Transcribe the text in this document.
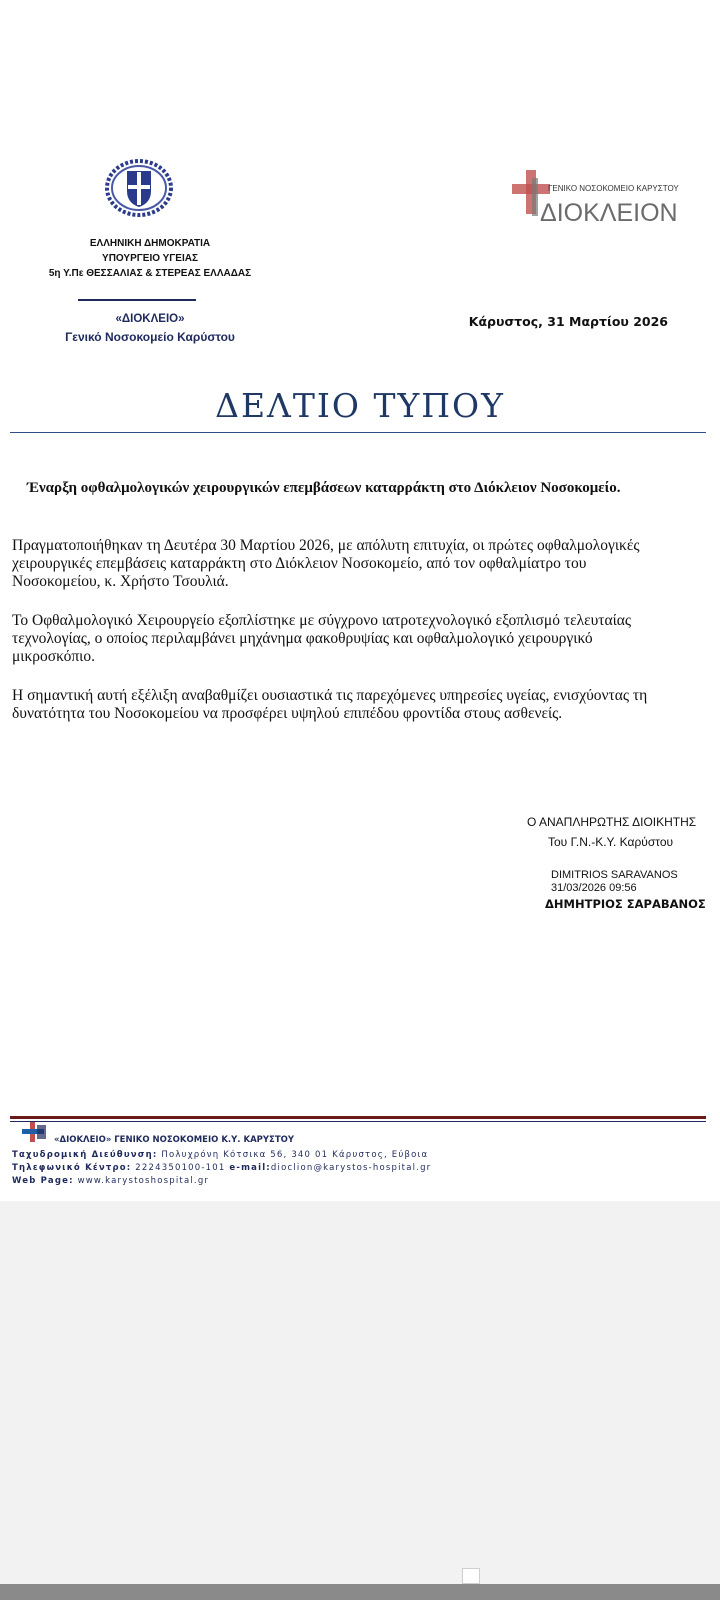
ΕΛΛΗΝΙΚΗ ΔΗΜΟΚΡΑΤΙΑ
ΥΠΟΥΡΓΕΙΟ ΥΓΕΙΑΣ
5η Υ.Πε ΘΕΣΣΑΛΙΑΣ & ΣΤΕΡΕΑΣ ΕΛΛΑΔΑΣ
«ΔΙΟΚΛΕΙΟ»
Γενικό Νοσοκομείο Καρύστου
ΓΕΝΙΚΟ ΝΟΣΟΚΟΜΕΙΟ ΚΑΡΥΣΤΟΥ
ΔΙΟΚΛΕΙΟΝ
Κάρυστος, 31 Μαρτίου 2026
ΔΕΛΤΙΟ ΤΥΠΟΥ
Έναρξη οφθαλμολογικών χειρουργικών επεμβάσεων καταρράκτη στο Διόκλειον Νοσοκομείο.
Πραγματοποιήθηκαν τη Δευτέρα 30 Μαρτίου 2026, με απόλυτη επιτυχία, οι πρώτες οφθαλμολογικές
χειρουργικές επεμβάσεις καταρράκτη στο Διόκλειον Νοσοκομείο, από τον οφθαλμίατρο του
Νοσοκομείου, κ. Χρήστο Τσουλιά.
Το Οφθαλμολογικό Χειρουργείο εξοπλίστηκε με σύγχρονο ιατροτεχνολογικό εξοπλισμό τελευταίας
τεχνολογίας, ο οποίος περιλαμβάνει μηχάνημα φακοθρυψίας και οφθαλμολογικό χειρουργικό
μικροσκόπιο.
Η σημαντική αυτή εξέλιξη αναβαθμίζει ουσιαστικά τις παρεχόμενες υπηρεσίες υγείας, ενισχύοντας τη
δυνατότητα του Νοσοκομείου να προσφέρει υψηλού επιπέδου φροντίδα στους ασθενείς.
Ο ΑΝΑΠΛΗΡΩΤΗΣ ΔΙΟΙΚΗΤΗΣ
Του Γ.Ν.-Κ.Υ. Καρύστου
DIMITRIOS SARAVANOS
31/03/2026 09:56
ΔΗΜΗΤΡΙΟΣ ΣΑΡΑΒΑΝΟΣ
«ΔΙΟΚΛΕΙΟ» ΓΕΝΙΚΟ ΝΟΣΟΚΟΜΕΙΟ Κ.Υ. ΚΑΡΥΣΤΟΥ
Ταχυδρομική Διεύθυνση: Πολυχρόνη Κότσικα 56, 340 01 Κάρυστος, Εύβοια
Τηλεφωνικό Κέντρο: 2224350100-101 e-mail:dioclion@karystos-hospital.gr
Web Page: www.karystoshospital.gr
